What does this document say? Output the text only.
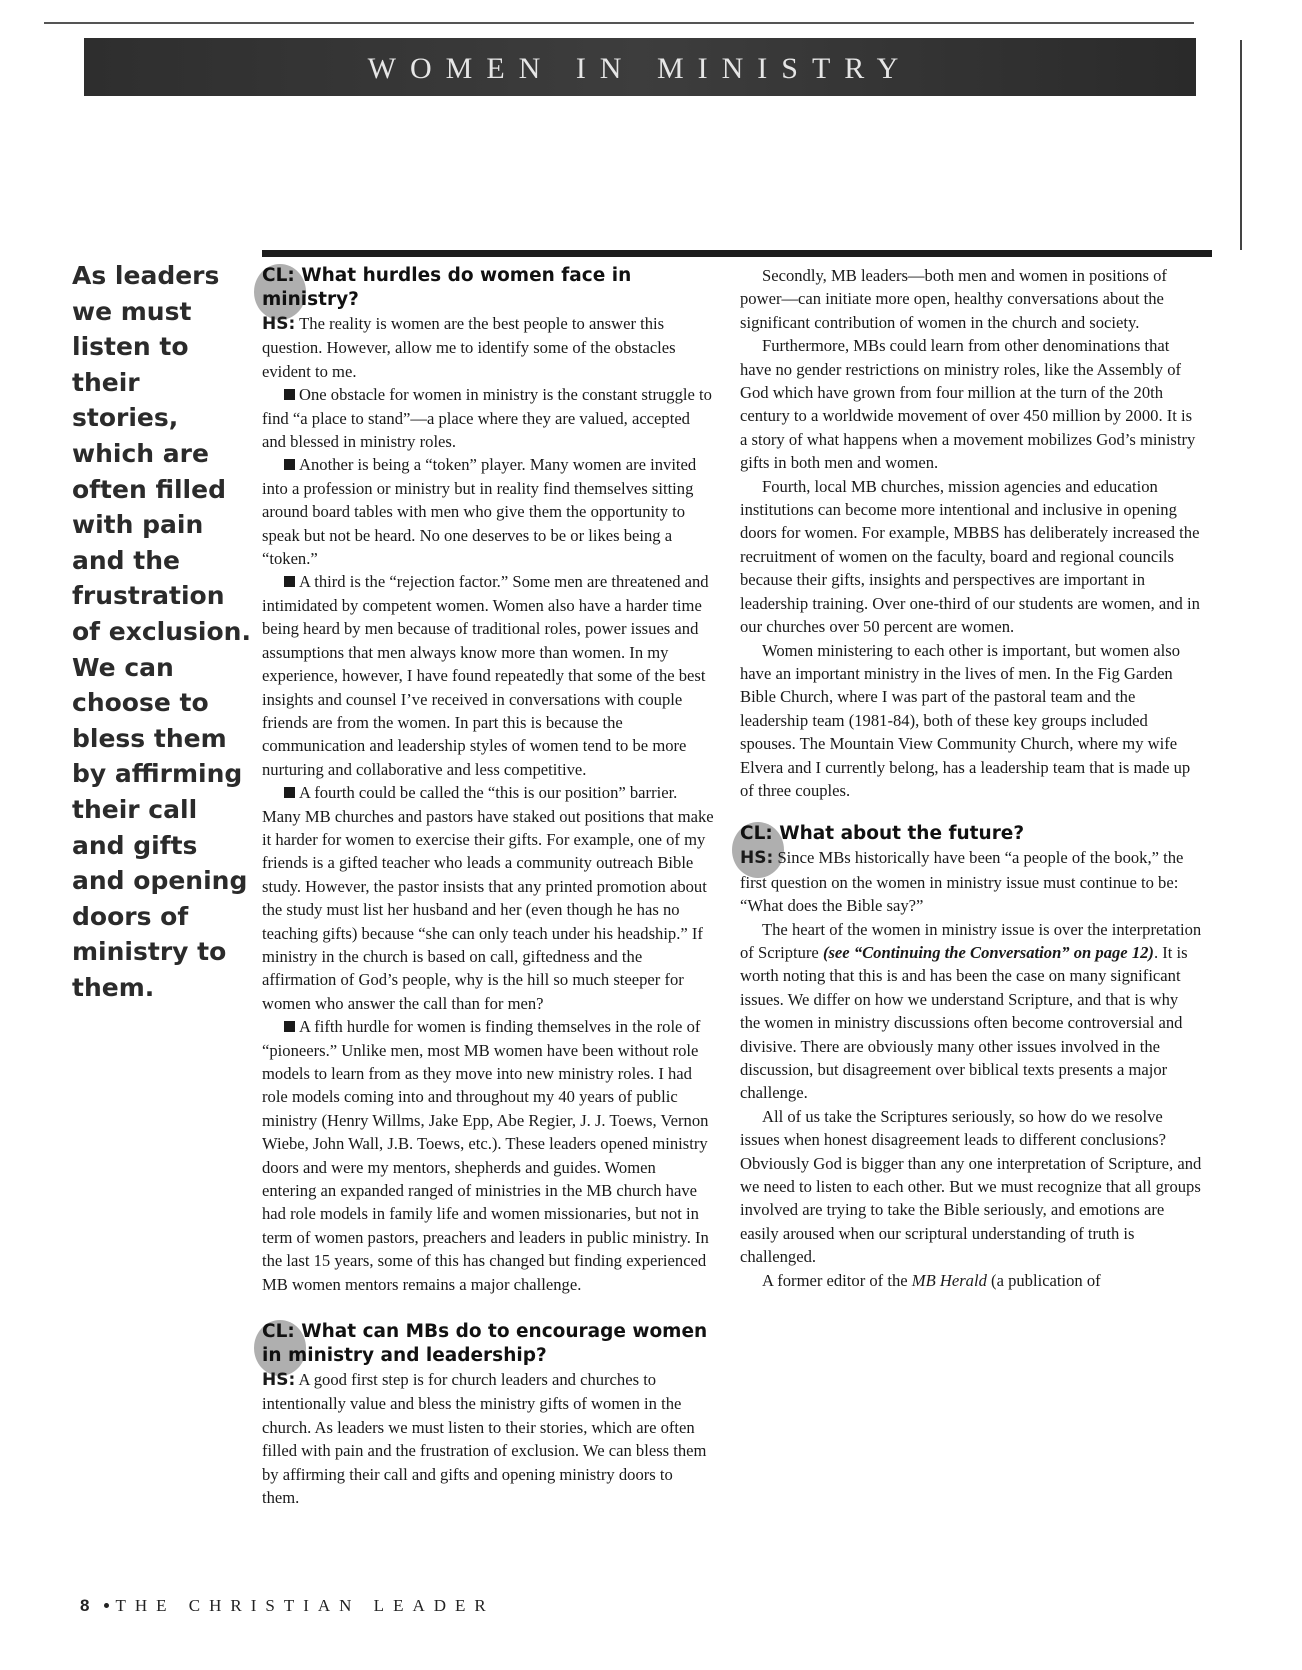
WOMEN IN MINISTRY
As leaders we must listen to their stories, which are often filled with pain and the frustration of exclusion. We can choose to bless them by affirming their call and gifts and opening doors of ministry to them.
CL: What hurdles do women face in ministry?

HS: The reality is women are the best people to answer this question. However, allow me to identify some of the obstacles evident to me.

One obstacle for women in ministry is the constant struggle to find “a place to stand”—a place where they are valued, accepted and blessed in ministry roles.

Another is being a “token” player. Many women are invited into a profession or ministry but in reality find themselves sitting around board tables with men who give them the opportunity to speak but not be heard. No one deserves to be or likes being a “token.”

A third is the “rejection factor.” Some men are threatened and intimidated by competent women. Women also have a harder time being heard by men because of traditional roles, power issues and assumptions that men always know more than women. In my experience, however, I have found repeatedly that some of the best insights and counsel I’ve received in conversations with couple friends are from the women. In part this is because the communication and leadership styles of women tend to be more nurturing and collaborative and less competitive.

A fourth could be called the “this is our position” barrier. Many MB churches and pastors have staked out positions that make it harder for women to exercise their gifts. For example, one of my friends is a gifted teacher who leads a community outreach Bible study. However, the pastor insists that any printed promotion about the study must list her husband and her (even though he has no teaching gifts) because “she can only teach under his headship.” If ministry in the church is based on call, giftedness and the affirmation of God’s people, why is the hill so much steeper for women who answer the call than for men?

A fifth hurdle for women is finding themselves in the role of “pioneers.” Unlike men, most MB women have been without role models to learn from as they move into new ministry roles. I had role models coming into and throughout my 40 years of public ministry (Henry Willms, Jake Epp, Abe Regier, J. J. Toews, Vernon Wiebe, John Wall, J.B. Toews, etc.). These leaders opened ministry doors and were my mentors, shepherds and guides. Women entering an expanded ranged of ministries in the MB church have had role models in family life and women missionaries, but not in term of women pastors, preachers and leaders in public ministry. In the last 15 years, some of this has changed but finding experienced MB women mentors remains a major challenge.

CL: What can MBs do to encourage women in ministry and leadership?

HS: A good first step is for church leaders and churches to intentionally value and bless the ministry gifts of women in the church. As leaders we must listen to their stories, which are often filled with pain and the frustration of exclusion. We can bless them by affirming their call and gifts and opening ministry doors to them.

Secondly, MB leaders—both men and women in positions of power—can initiate more open, healthy conversations about the significant contribution of women in the church and society.

Furthermore, MBs could learn from other denominations that have no gender restrictions on ministry roles, like the Assembly of God which have grown from four million at the turn of the 20th century to a worldwide movement of over 450 million by 2000. It is a story of what happens when a movement mobilizes God’s ministry gifts in both men and women.

Fourth, local MB churches, mission agencies and education institutions can become more intentional and inclusive in opening doors for women. For example, MBBS has deliberately increased the recruitment of women on the faculty, board and regional councils because their gifts, insights and perspectives are important in leadership training. Over one-third of our students are women, and in our churches over 50 percent are women.

Women ministering to each other is important, but women also have an important ministry in the lives of men. In the Fig Garden Bible Church, where I was part of the pastoral team and the leadership team (1981-84), both of these key groups included spouses. The Mountain View Community Church, where my wife Elvera and I currently belong, has a leadership team that is made up of three couples.

CL: What about the future?

HS: Since MBs historically have been “a people of the book,” the first question on the women in ministry issue must continue to be: “What does the Bible say?”

The heart of the women in ministry issue is over the interpretation of Scripture (see “Continuing the Conversation” on page 12). It is worth noting that this is and has been the case on many significant issues. We differ on how we understand Scripture, and that is why the women in ministry discussions often become controversial and divisive. There are obviously many other issues involved in the discussion, but disagreement over biblical texts presents a major challenge.

All of us take the Scriptures seriously, so how do we resolve issues when honest disagreement leads to different conclusions? Obviously God is bigger than any one interpretation of Scripture, and we need to listen to each other. But we must recognize that all groups involved are trying to take the Bible seriously, and emotions are easily aroused when our scriptural understanding of truth is challenged.

A former editor of the MB Herald (a publication of

8 THE CHRISTIAN LEADER
